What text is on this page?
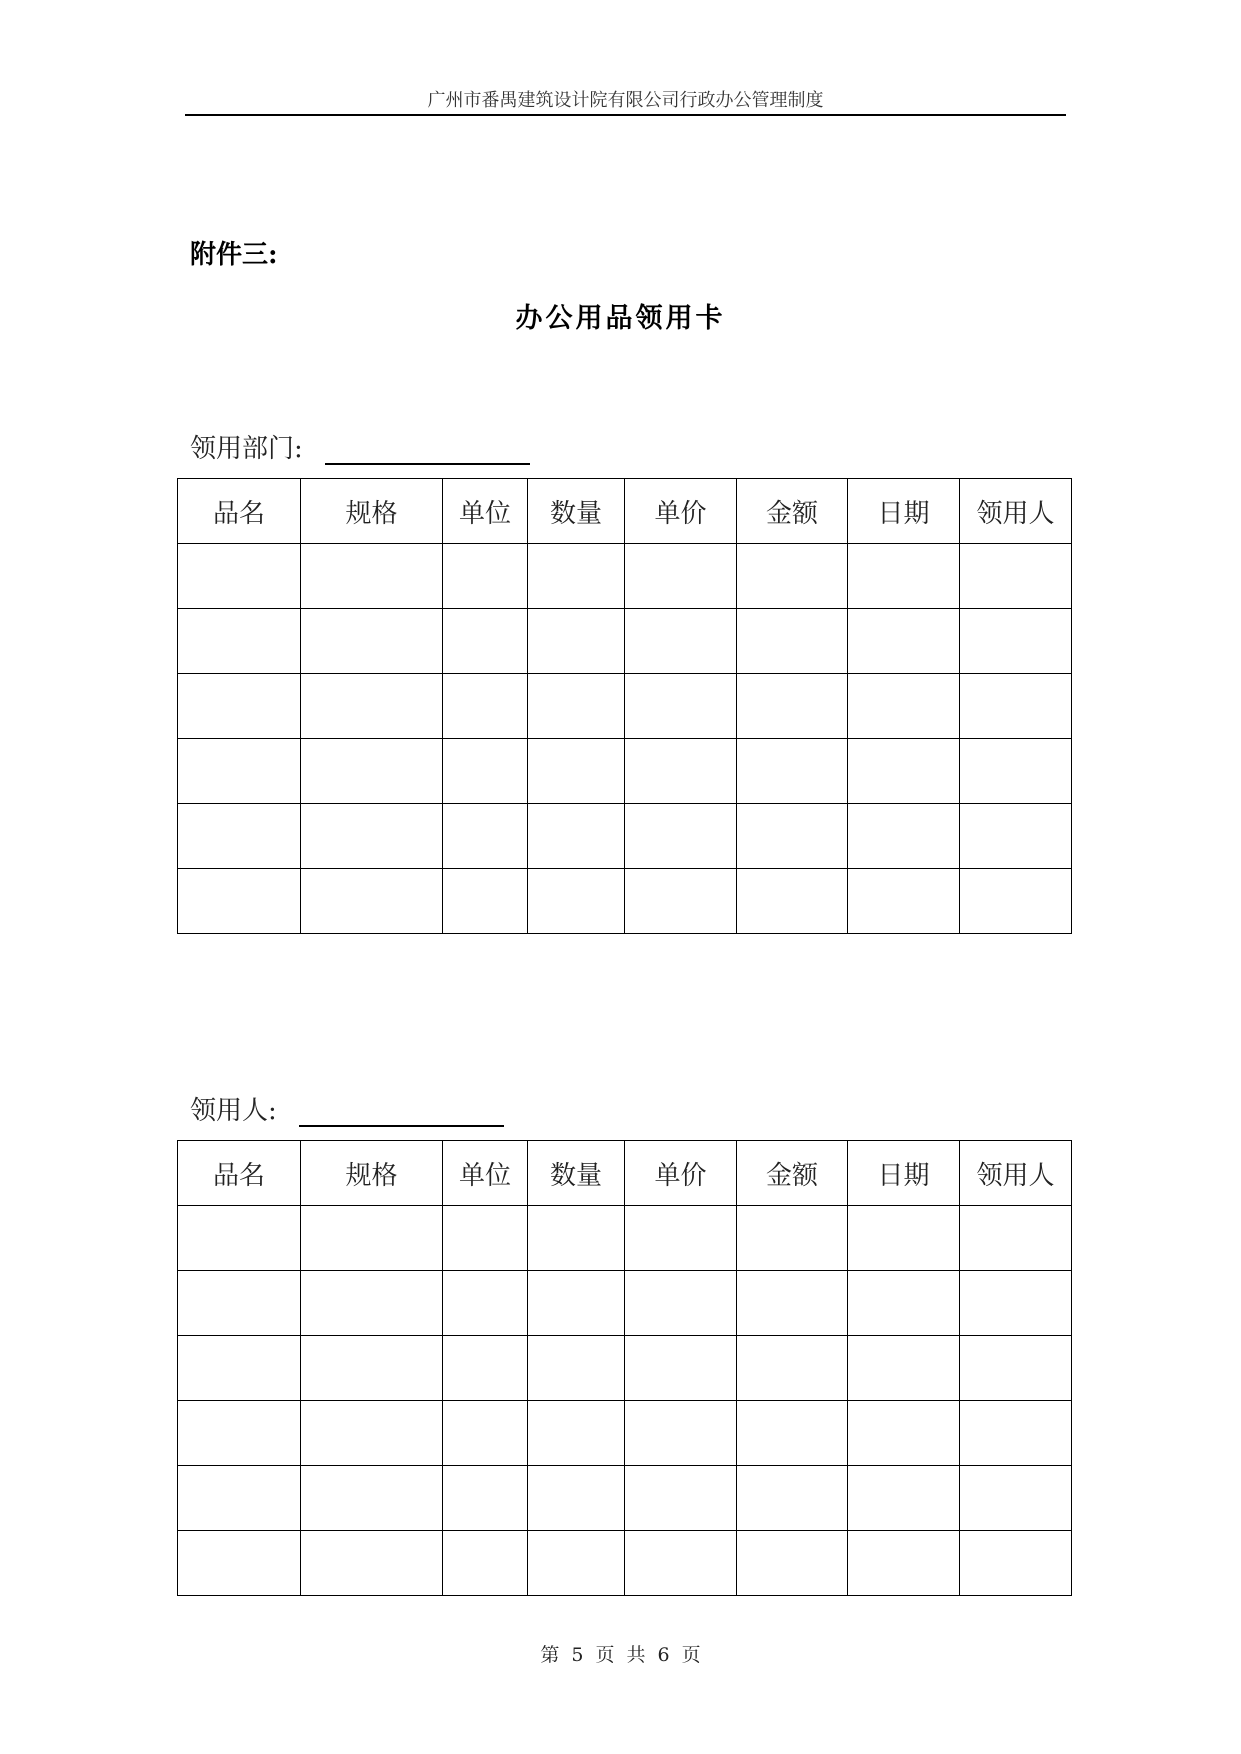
广州市番禺建筑设计院有限公司行政办公管理制度
附件三:
办公用品领用卡
领用部门:
品名	规格	单位	数量	单价	金额	日期	领用人

领用人:
品名	规格	单位	数量	单价	金额	日期	领用人

第 5 页 共 6 页
